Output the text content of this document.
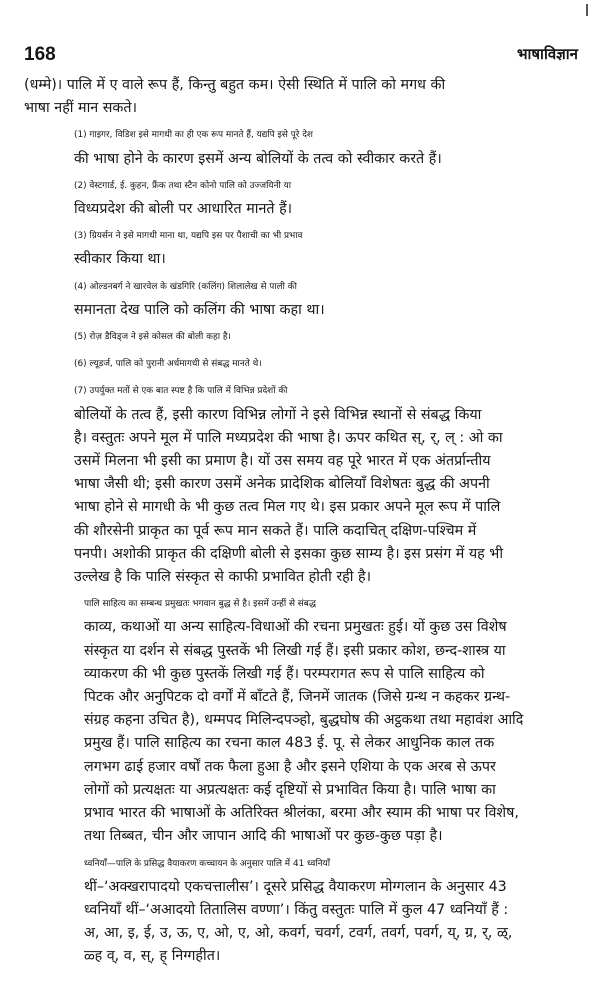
168	भाषाविज्ञान

(धम्मे)। पालि में ए वाले रूप हैं, किन्तु बहुत कम। ऐसी स्थिति में पालि को मगध की
भाषा नहीं मान सकते।

(1) गाइगर, विडिश इसे मागधी का ही एक रूप मानते हैं, यद्यपि इसे पूरे देश
की भाषा होने के कारण इसमें अन्य बोलियों के तत्व को स्वीकार करते हैं।

(2) वेस्टगार्ड, ई. कुहन, फ्रैंक तथा स्टैन कोनो पालि को उज्जयिनी या
विध्यप्रदेश की बोली पर आधारित मानते हैं।

(3) ग्रियर्सन ने इसे मागधी माना था, यद्यपि इस पर पैशाची का भी प्रभाव
स्वीकार किया था।

(4) ओल्डनबर्ग ने खारवेल के खंडगिरि (कलिंग) शिलालेख से पाली की
समानता देख पालि को कलिंग की भाषा कहा था।

(5) रोज़ डैविड्ज ने इसे कोसल की बोली कहा है।

(6) ल्यूडर्ज, पालि को पुरानी अर्धमागधी से संबद्ध मानते थे।

(7) उपर्युक्त मतों से एक बात स्पष्ट है कि पालि में विभिन्न प्रदेशों की
बोलियों के तत्व हैं, इसी कारण विभिन्न लोगों ने इसे विभिन्न स्थानों से संबद्ध किया
है। वस्तुतः अपने मूल में पालि मध्यप्रदेश की भाषा है। ऊपर कथित स्, र्, ल् : ओ का
उसमें मिलना भी इसी का प्रमाण है। यों उस समय वह पूरे भारत में एक अंतर्प्रान्तीय
भाषा जैसी थी; इसी कारण उसमें अनेक प्रादेशिक बोलियाँ विशेषतः बुद्ध की अपनी
भाषा होने से मागधी के भी कुछ तत्व मिल गए थे। इस प्रकार अपने मूल रूप में पालि
की शौरसेनी प्राकृत का पूर्व रूप मान सकते हैं। पालि कदाचित् दक्षिण-पश्चिम में
पनपी। अशोकी प्राकृत की दक्षिणी बोली से इसका कुछ साम्य है। इस प्रसंग में यह भी
उल्लेख है कि पालि संस्कृत से काफी प्रभावित होती रही है।

पालि साहित्य का सम्बन्ध प्रमुखतः भगवान बुद्ध से है। इसमें उन्हीं से संबद्ध
काव्य, कथाओं या अन्य साहित्य-विधाओं की रचना प्रमुखतः हुई। यों कुछ उस विशेष
संस्कृत या दर्शन से संबद्ध पुस्तकें भी लिखी गई हैं। इसी प्रकार कोश, छन्द-शास्त्र या
व्याकरण की भी कुछ पुस्तकें लिखी गई हैं। परम्परागत रूप से पालि साहित्य को
पिटक और अनुपिटक दो वर्गों में बाँटते हैं, जिनमें जातक (जिसे ग्रन्थ न कहकर ग्रन्थ-
संग्रह कहना उचित है), धम्मपद मिलिन्दपञ्हो, बुद्धघोष की अट्ठकथा तथा महावंश आदि
प्रमुख हैं। पालि साहित्य का रचना काल 483 ई. पू. से लेकर आधुनिक काल तक
लगभग ढाई हजार वर्षों तक फैला हुआ है और इसने एशिया के एक अरब से ऊपर
लोगों को प्रत्यक्षतः या अप्रत्यक्षतः कई दृष्टियों से प्रभावित किया है। पालि भाषा का
प्रभाव भारत की भाषाओं के अतिरिक्त श्रीलंका, बरमा और स्याम की भाषा पर विशेष,
तथा तिब्बत, चीन और जापान आदि की भाषाओं पर कुछ-कुछ पड़ा है।

ध्वनियाँ—पालि के प्रसिद्ध वैयाकरण कच्चायन के अनुसार पालि में 41 ध्वनियाँ
थीं–‘अक्खरापादयो एकचत्तालीस’। दूसरे प्रसिद्ध वैयाकरण मोग्गलान के अनुसार 43
ध्वनियाँ थीं–‘अआदयो तितालिस वण्णा’। किंतु वस्तुतः पालि में कुल 47 ध्वनियाँ हैं :
अ, आ, इ, ई, उ, ऊ, ए, ओ, ए, ओ, कवर्ग, चवर्ग, टवर्ग, तवर्ग, पवर्ग, य्, ग्र, र्, ळ्,
ळ्ह व्, व, स्, ह् निग्गहीत।
